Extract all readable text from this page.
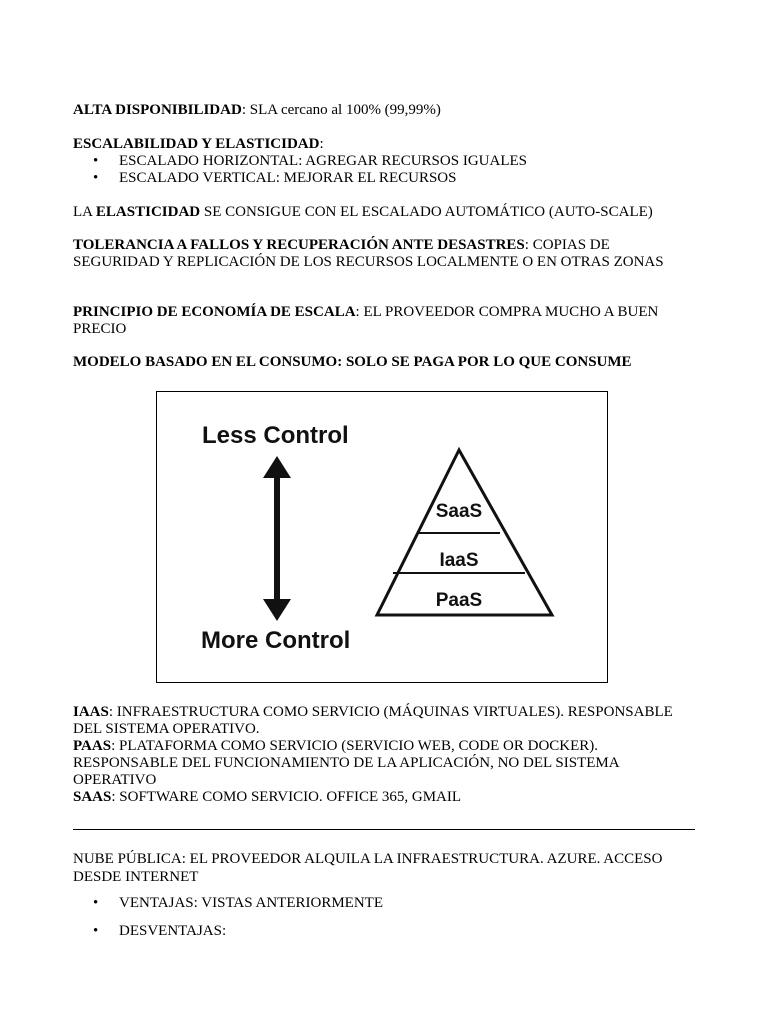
ALTA DISPONIBILIDAD: SLA cercano al 100% (99,99%)

ESCALABILIDAD Y ELASTICIDAD:

• ESCALADO HORIZONTAL: AGREGAR RECURSOS IGUALES
• ESCALADO VERTICAL: MEJORAR EL RECURSOS

LA ELASTICIDAD SE CONSIGUE CON EL ESCALADO AUTOMÁTICO (AUTO-SCALE)

TOLERANCIA A FALLOS Y RECUPERACIÓN ANTE DESASTRES: COPIAS DE SEGURIDAD Y REPLICACIÓN DE LOS RECURSOS LOCALMENTE O EN OTRAS ZONAS

PRINCIPIO DE ECONOMÍA DE ESCALA: EL PROVEEDOR COMPRA MUCHO A BUEN PRECIO

MODELO BASADO EN EL CONSUMO: SOLO SE PAGA POR LO QUE CONSUME

Less Control
More Control
SaaS
IaaS
PaaS

IAAS: INFRAESTRUCTURA COMO SERVICIO (MÁQUINAS VIRTUALES). RESPONSABLE DEL SISTEMA OPERATIVO.
PAAS: PLATAFORMA COMO SERVICIO (SERVICIO WEB, CODE OR DOCKER). RESPONSABLE DEL FUNCIONAMIENTO DE LA APLICACIÓN, NO DEL SISTEMA OPERATIVO
SAAS: SOFTWARE COMO SERVICIO. OFFICE 365, GMAIL

NUBE PÚBLICA: EL PROVEEDOR ALQUILA LA INFRAESTRUCTURA. AZURE. ACCESO DESDE INTERNET

• VENTAJAS: VISTAS ANTERIORMENTE
• DESVENTAJAS:
